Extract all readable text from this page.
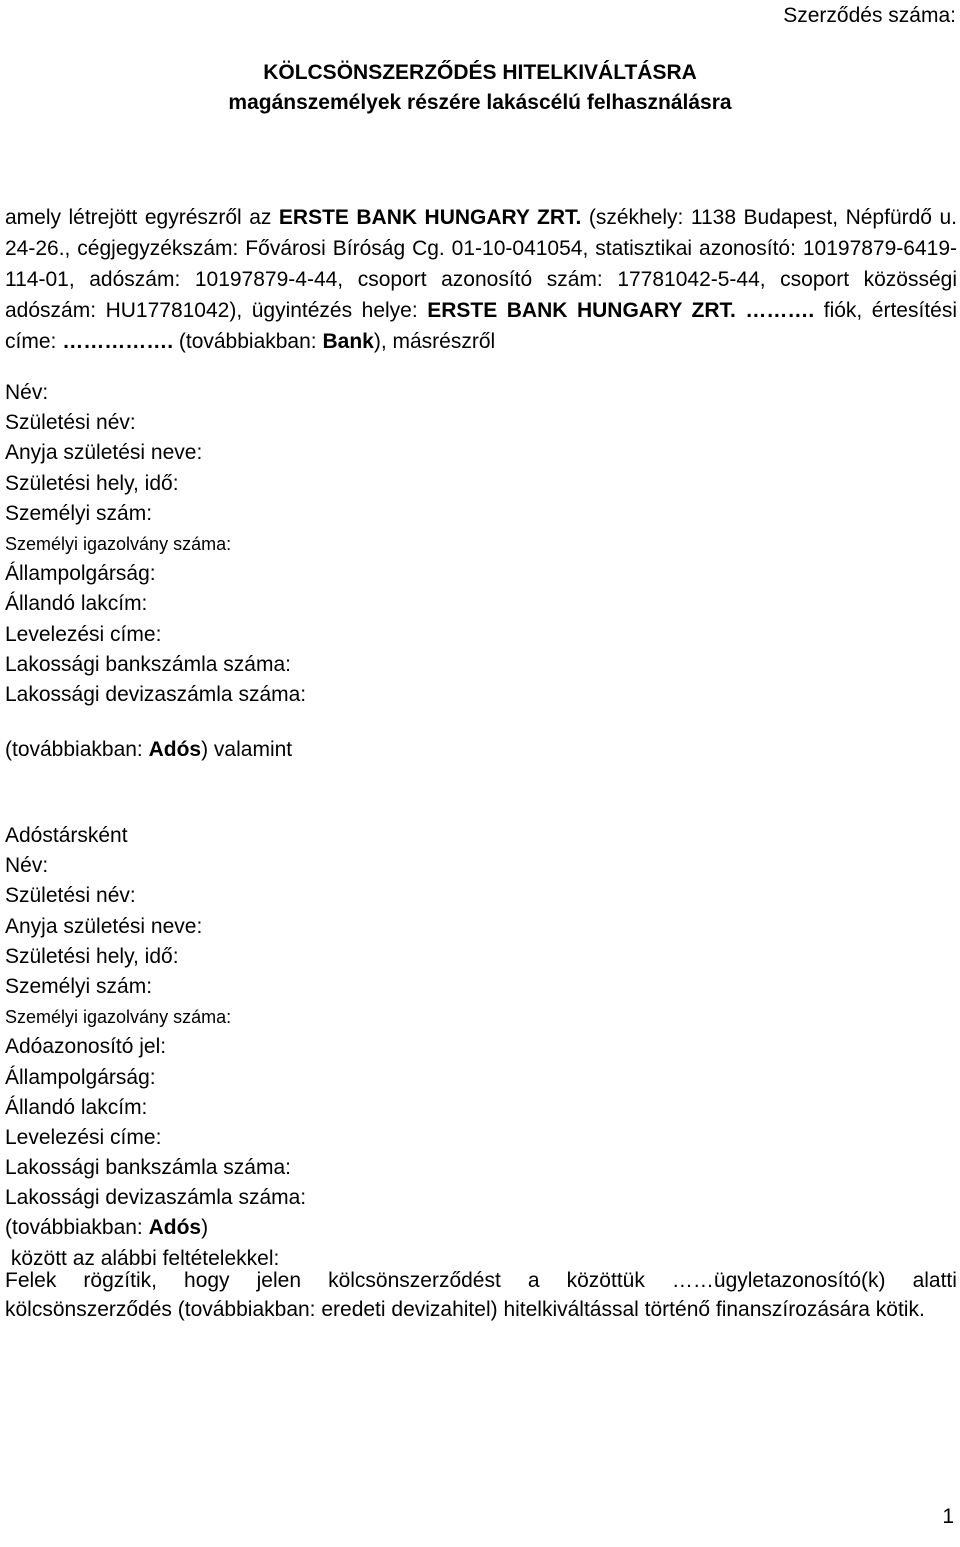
Szerződés száma:
KÖLCSÖNSZERZŐDÉS HITELKIVÁLTÁSRA
magánszemélyek részére lakáscélú felhasználásra
amely létrejött egyrészről az ERSTE BANK HUNGARY ZRT. (székhely: 1138 Budapest, Népfürdő u. 24-26., cégjegyzékszám: Fővárosi Bíróság Cg. 01-10-041054, statisztikai azonosító: 10197879-6419-114-01, adószám: 10197879-4-44, csoport azonosító szám: 17781042-5-44, csoport közösségi adószám: HU17781042), ügyintézés helye: ERSTE BANK HUNGARY ZRT. ………. fiók, értesítési címe: ……………. (továbbiakban: Bank), másrészről
Név:
Születési név:
Anyja születési neve:
Születési hely, idő:
Személyi szám:
Személyi igazolvány száma:
Állampolgárság:
Állandó lakcím:
Levelezési címe:
Lakossági bankszámla száma:
Lakossági devizaszámla száma:
(továbbiakban: Adós) valamint
Adóstársként
Név:
Születési név:
Anyja születési neve:
Születési hely, idő:
Személyi szám:
Személyi igazolvány száma:
Adóazonosító jel:
Állampolgárság:
Állandó lakcím:
Levelezési címe:
Lakossági bankszámla száma:
Lakossági devizaszámla száma:
(továbbiakban: Adós)
között az alábbi feltételekkel:
Felek rögzítik, hogy jelen kölcsönszerződést a közöttük ……ügyletazonosító(k) alatti
kölcsönszerződés (továbbiakban: eredeti devizahitel) hitelkiváltással történő finanszírozására kötik.
1
